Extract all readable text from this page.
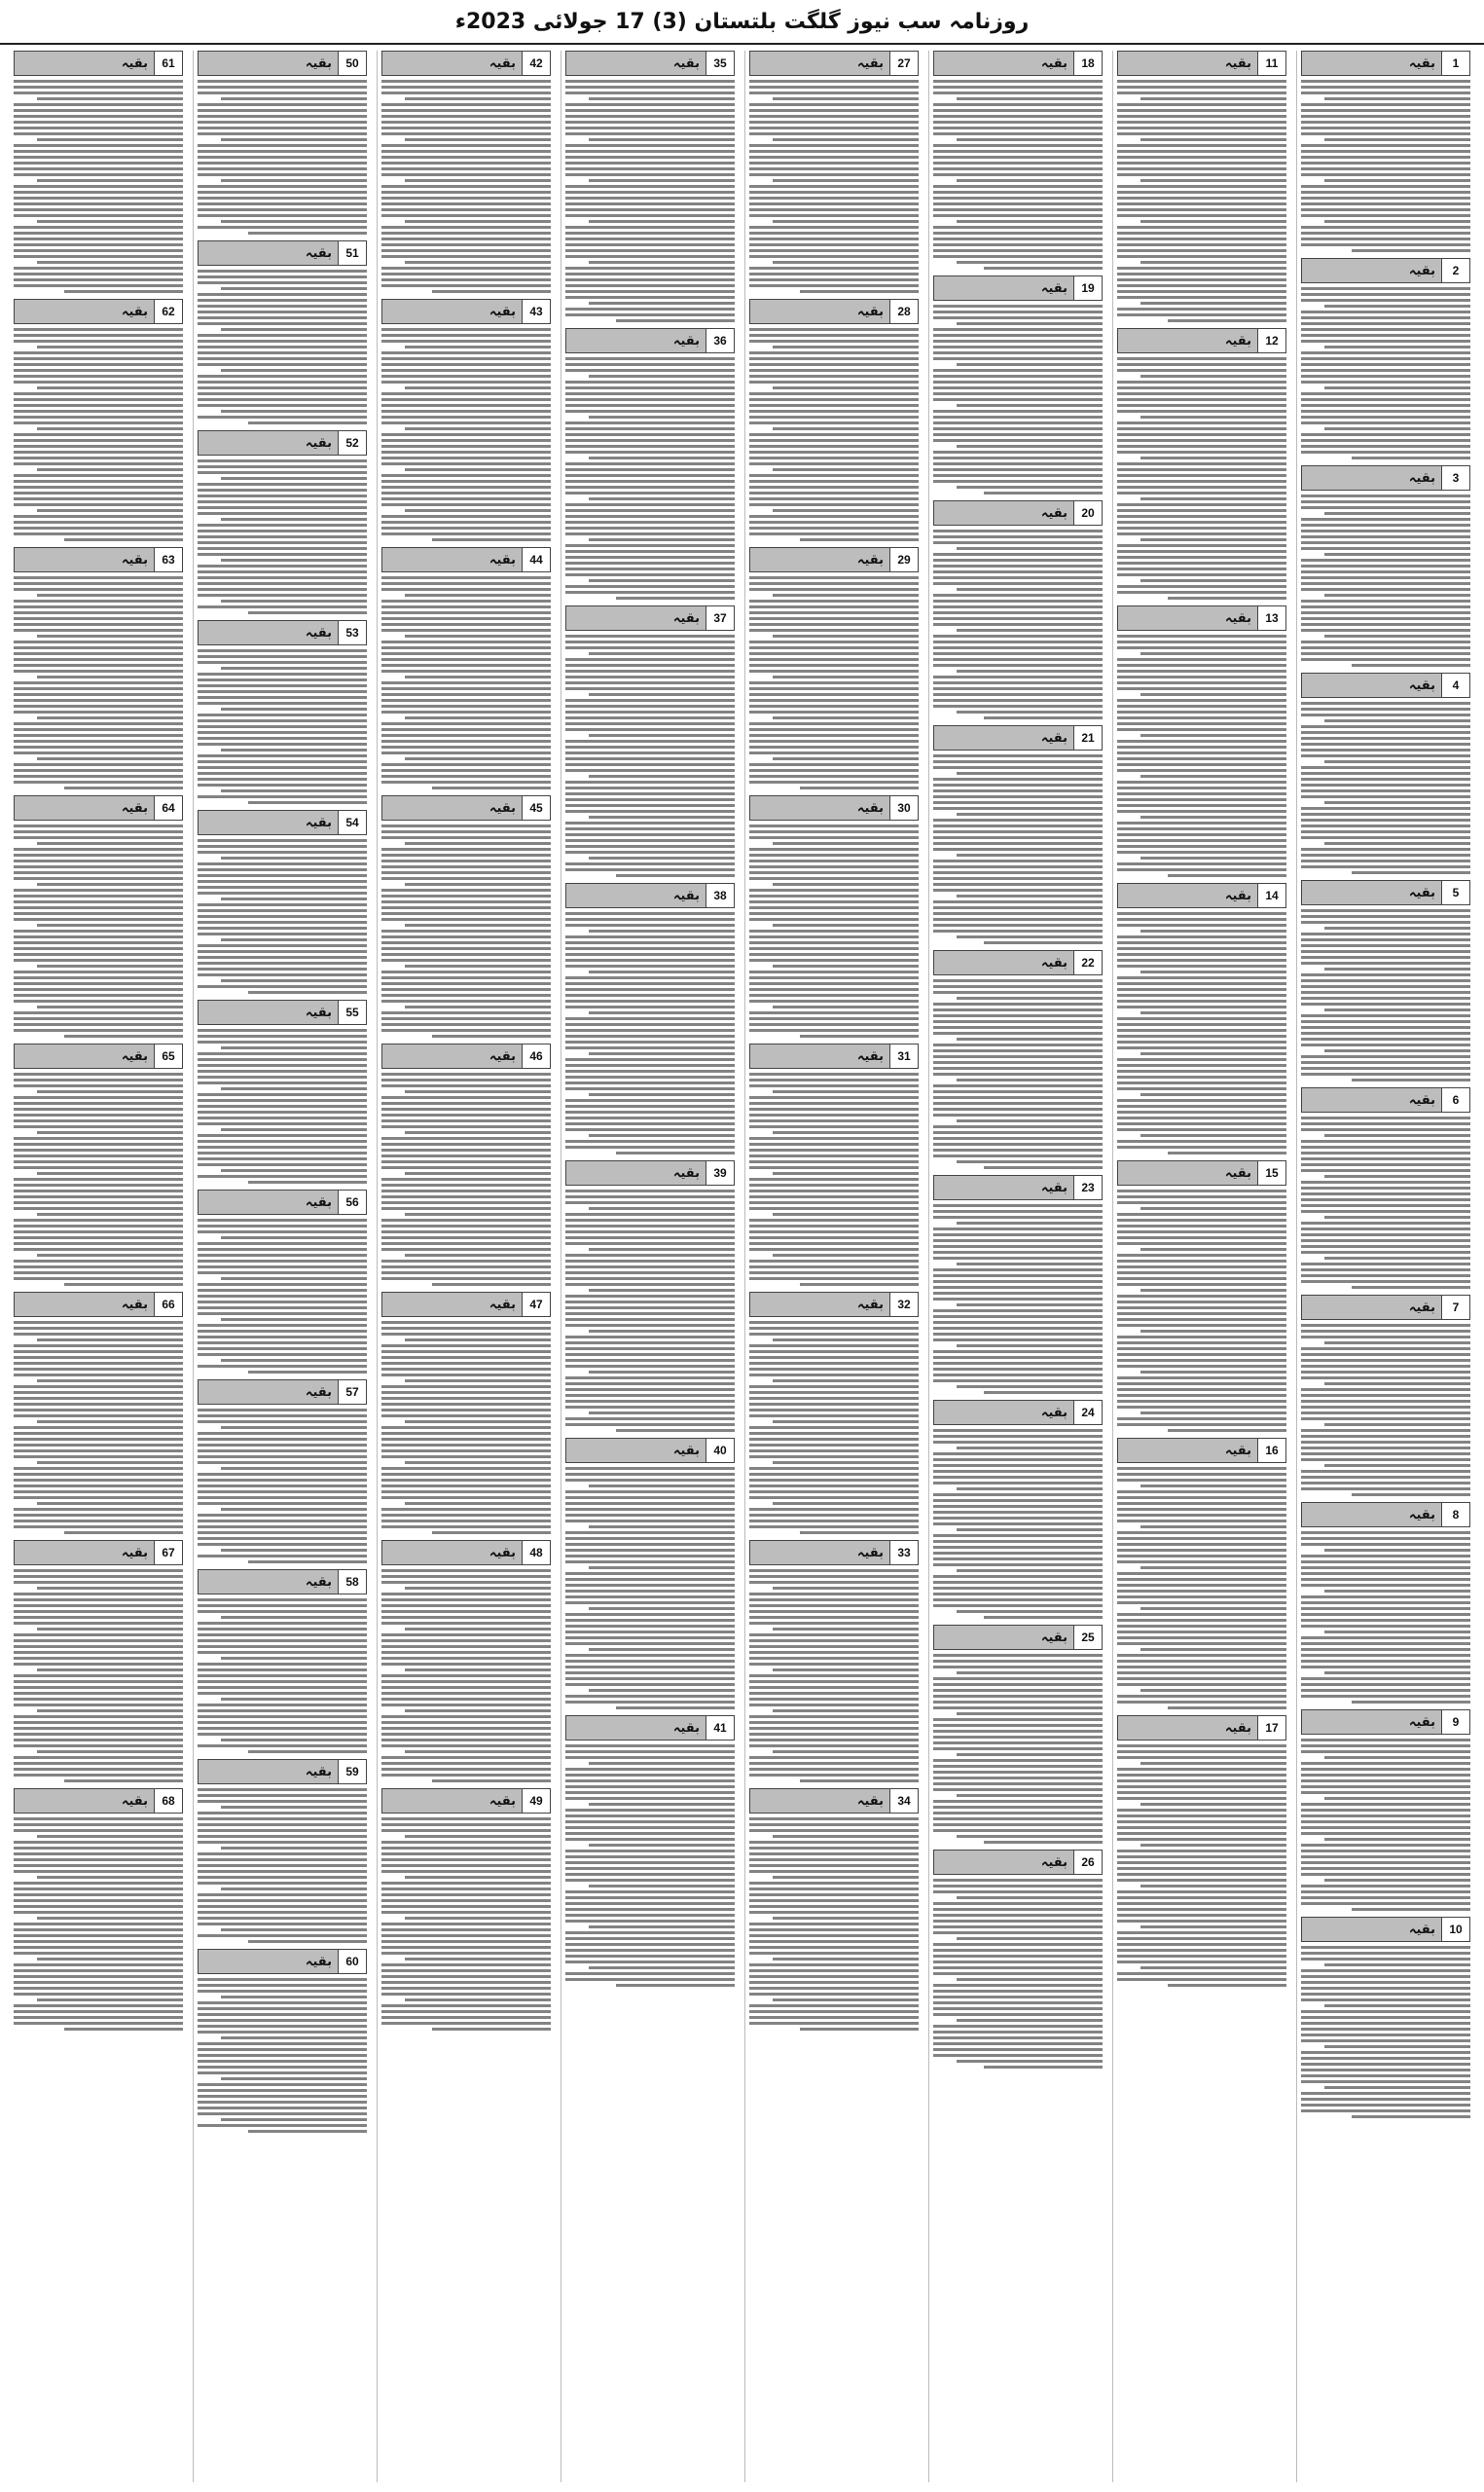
روزنامہ سب نیوز گلگت بلتستان (3) 17 جولائی 2023ء
1
بقیہ
2
بقیہ
3
بقیہ
4
بقیہ
5
بقیہ
6
بقیہ
7
بقیہ
8
بقیہ
9
بقیہ
10
بقیہ
11
بقیہ
12
بقیہ
13
بقیہ
14
بقیہ
15
بقیہ
16
بقیہ
17
بقیہ
18
بقیہ
19
بقیہ
20
بقیہ
21
بقیہ
22
بقیہ
23
بقیہ
24
بقیہ
25
بقیہ
26
بقیہ
27
بقیہ
28
بقیہ
29
بقیہ
30
بقیہ
31
بقیہ
32
بقیہ
33
بقیہ
34
بقیہ
35
بقیہ
36
بقیہ
37
بقیہ
38
بقیہ
39
بقیہ
40
بقیہ
41
بقیہ
42
بقیہ
43
بقیہ
44
بقیہ
45
بقیہ
46
بقیہ
47
بقیہ
48
بقیہ
49
بقیہ
50
بقیہ
51
بقیہ
52
بقیہ
53
بقیہ
54
بقیہ
55
بقیہ
56
بقیہ
57
بقیہ
58
بقیہ
59
بقیہ
60
بقیہ
61
بقیہ
62
بقیہ
63
بقیہ
64
بقیہ
65
بقیہ
66
بقیہ
67
بقیہ
68
بقیہ
